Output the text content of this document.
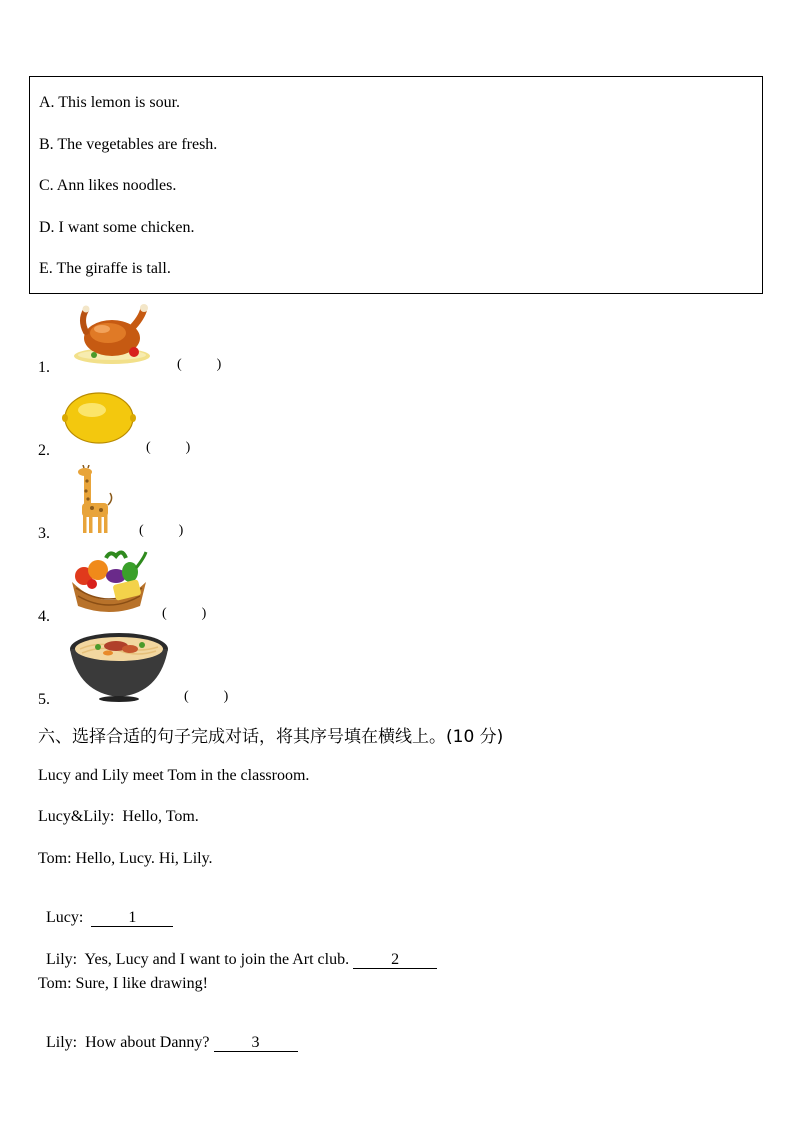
A. This lemon is sour.
B. The vegetables are fresh.
C. Ann likes noodles.
D. I want some chicken.
E. The giraffe is tall.
1.	(          )
2.	(          )
3.	(          )
4.	(          )
5.	(          )
六、选择合适的句子完成对话，将其序号填在横线上。(10 分)
Lucy and Lily meet Tom in the classroom.
Lucy&Lily:  Hello, Tom.
Tom: Hello, Lucy. Hi, Lily.

Lucy:  1

Lily:  Yes, Lucy and I want to join the Art club. 2

Tom: Sure, I like drawing!

Lily:  How about Danny? 3
